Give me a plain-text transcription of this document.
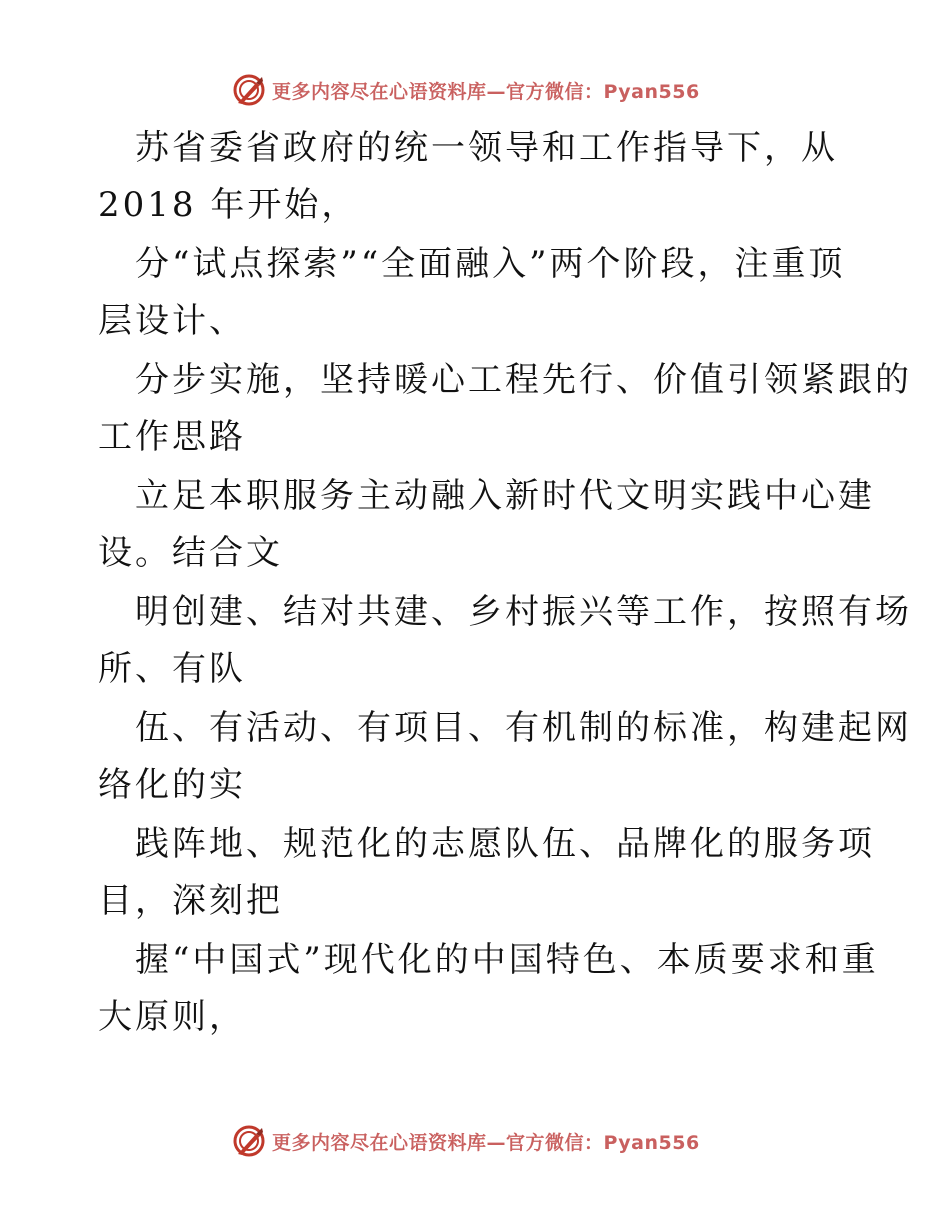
更多内容尽在心语资料库—官方微信：Pyan556
苏省委省政府的统一领导和工作指导下，从
2018 年开始，
分“试点探索”“全面融入”两个阶段，注重顶
层设计、
分步实施，坚持暖心工程先行、价值引领紧跟的
工作思路
立足本职服务主动融入新时代文明实践中心建
设。结合文
明创建、结对共建、乡村振兴等工作，按照有场
所、有队
伍、有活动、有项目、有机制的标准，构建起网
络化的实
践阵地、规范化的志愿队伍、品牌化的服务项
目，深刻把
握“中国式”现代化的中国特色、本质要求和重
大原则，
更多内容尽在心语资料库—官方微信：Pyan556
